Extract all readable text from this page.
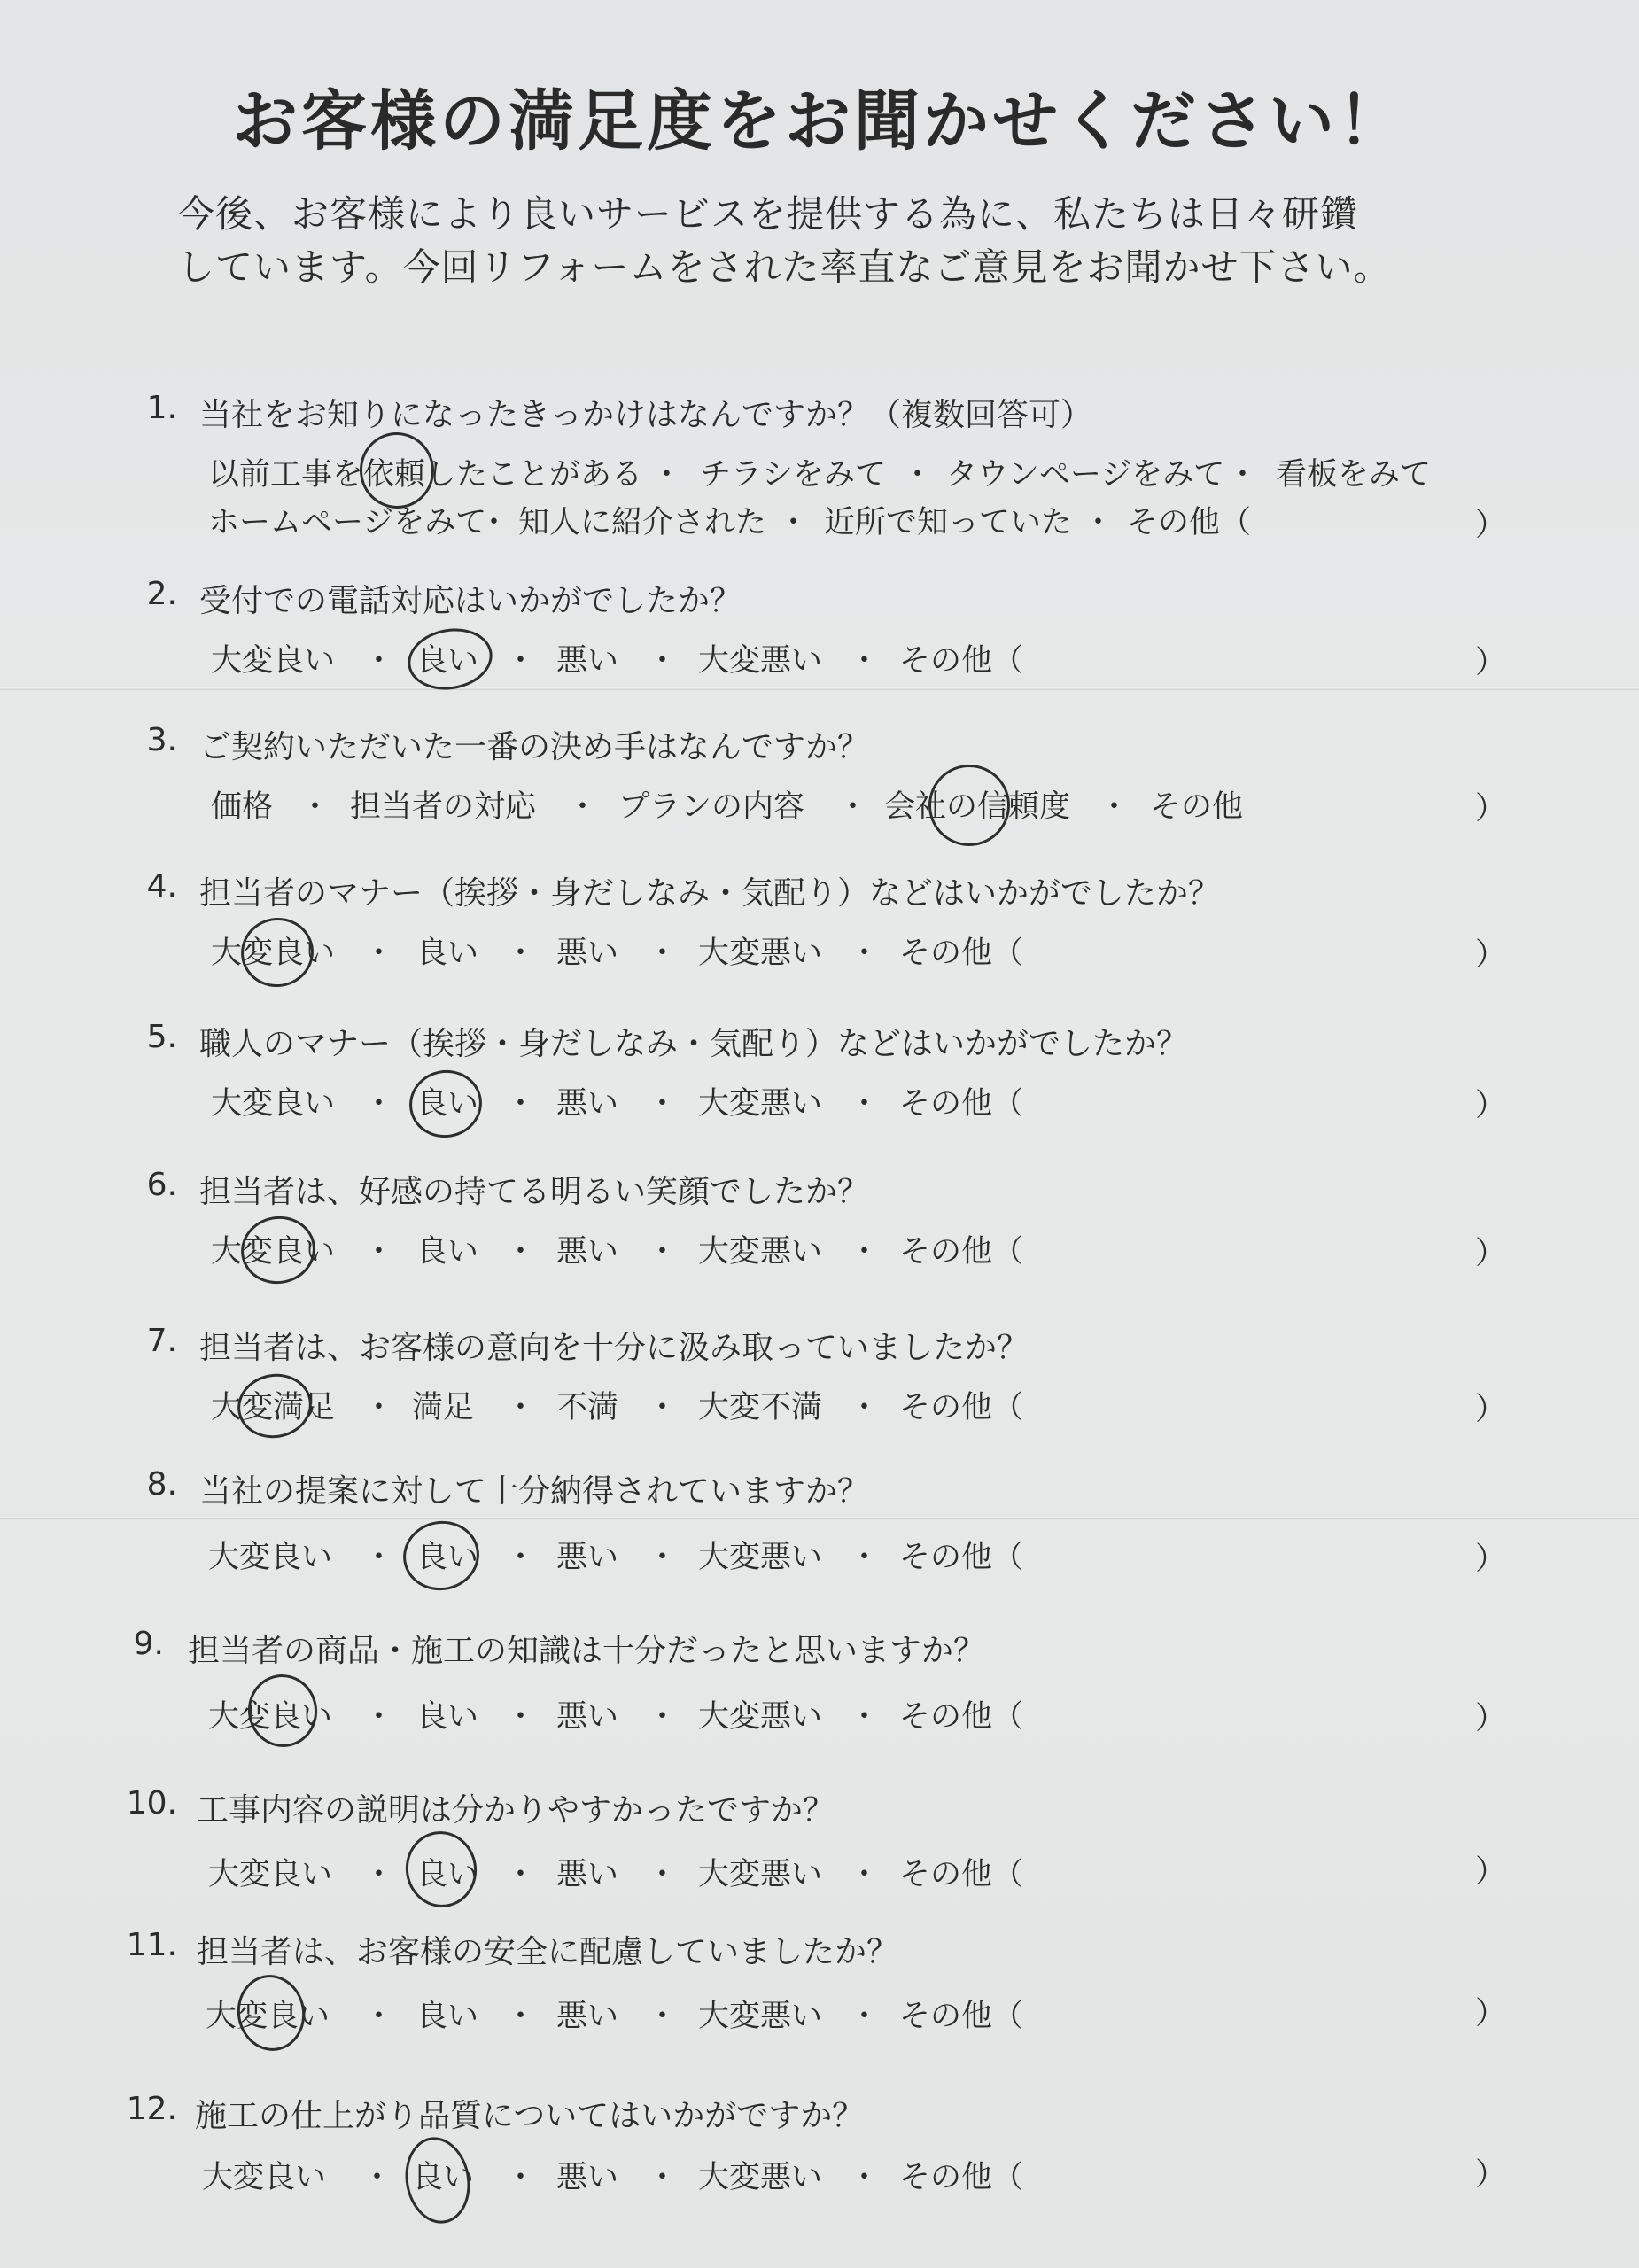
お客様の満足度をお聞かせください！
今後、お客様により良いサービスを提供する為に、私たちは日々研鑽
しています。今回リフォームをされた率直なご意見をお聞かせ下さい。
1. 当社をお知りになったきっかけはなんですか？（複数回答可）
以前工事を依頼したことがある ・ チラシをみて ・ タウンページをみて ・ 看板をみて
ホームページをみて
・ 知人に紹介された ・ 近所で知っていた ・ その他（	）
2. 受付での電話対応はいかがでしたか？
大変良い ・ 良い ・ 悪い ・ 大変悪い ・ その他（	）
3. ご契約いただいた一番の決め手はなんですか？
価格 ・ 担当者の対応 ・ プランの内容 ・ 会社の信頼度 ・ その他	）
4. 担当者のマナー（挨拶・身だしなみ・気配り）などはいかがでしたか？
大変良い ・ 良い ・ 悪い ・ 大変悪い ・ その他（	）
5. 職人のマナー（挨拶・身だしなみ・気配り）などはいかがでしたか？
大変良い ・ 良い ・ 悪い ・ 大変悪い ・ その他（	）
6. 担当者は、好感の持てる明るい笑顔でしたか？
大変良い ・ 良い ・ 悪い ・ 大変悪い ・ その他（	）
7. 担当者は、お客様の意向を十分に汲み取っていましたか？
大変満足 ・ 満足 ・ 不満 ・ 大変不満 ・ その他（	）
8. 当社の提案に対して十分納得されていますか？
大変良い ・ 良い ・ 悪い ・ 大変悪い ・ その他（	）
9. 担当者の商品・施工の知識は十分だったと思いますか？
大変良い ・ 良い ・ 悪い ・ 大変悪い ・ その他（	）
10. 工事内容の説明は分かりやすかったですか？
大変良い ・ 良い ・ 悪い ・ 大変悪い ・ その他（	）
11. 担当者は、お客様の安全に配慮していましたか？
大変良い ・ 良い ・ 悪い ・ 大変悪い ・ その他（	）
12. 施工の仕上がり品質についてはいかがですか？
大変良い ・ 良い ・ 悪い ・ 大変悪い ・ その他（	）
